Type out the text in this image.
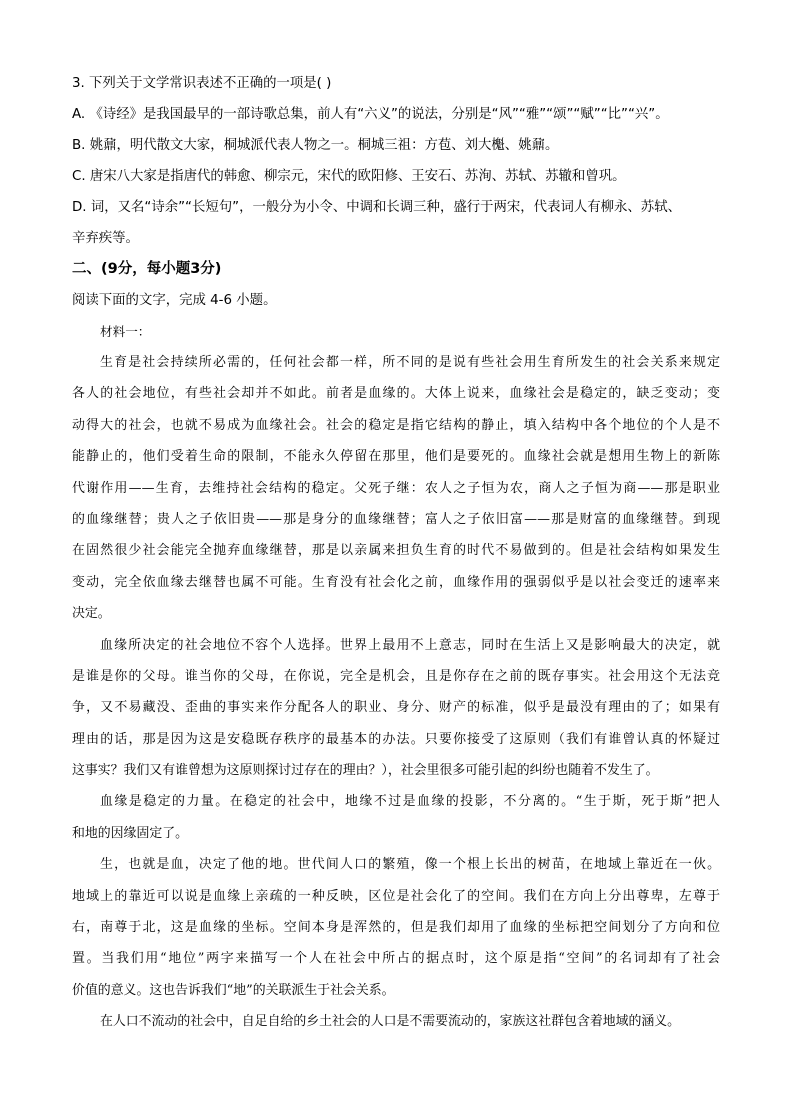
3. 下列关于文学常识表述不正确的一项是( )
A. 《诗经》是我国最早的一部诗歌总集，前人有“六义”的说法，分别是“风”“雅”“颂”“赋”“比”“兴”。
B. 姚鼐，明代散文大家，桐城派代表人物之一。桐城三祖：方苞、刘大櫆、姚鼐。
C. 唐宋八大家是指唐代的韩愈、柳宗元，宋代的欧阳修、王安石、苏洵、苏轼、苏辙和曾巩。
D. 词，又名“诗余”“长短句”，一般分为小令、中调和长调三种，盛行于两宋，代表词人有柳永、苏轼、
辛弃疾等。
二、(9分，每小题3分)
阅读下面的文字，完成 4-6 小题。
材料一：
生育是社会持续所必需的，任何社会都一样，所不同的是说有些社会用生育所发生的社会关系来规定
各人的社会地位，有些社会却并不如此。前者是血缘的。大体上说来，血缘社会是稳定的，缺乏变动；变
动得大的社会，也就不易成为血缘社会。社会的稳定是指它结构的静止，填入结构中各个地位的个人是不
能静止的，他们受着生命的限制，不能永久停留在那里，他们是要死的。血缘社会就是想用生物上的新陈
代谢作用——生育，去维持社会结构的稳定。父死子继：农人之子恒为农，商人之子恒为商——那是职业
的血缘继替；贵人之子依旧贵——那是身分的血缘继替；富人之子依旧富——那是财富的血缘继替。到现
在固然很少社会能完全抛弃血缘继替，那是以亲属来担负生育的时代不易做到的。但是社会结构如果发生
变动，完全依血缘去继替也属不可能。生育没有社会化之前，血缘作用的强弱似乎是以社会变迁的速率来
决定。
血缘所决定的社会地位不容个人选择。世界上最用不上意志，同时在生活上又是影响最大的决定，就
是谁是你的父母。谁当你的父母，在你说，完全是机会，且是你存在之前的既存事实。社会用这个无法竞
争，又不易藏没、歪曲的事实来作分配各人的职业、身分、财产的标准，似乎是最没有理由的了；如果有
理由的话，那是因为这是安稳既存秩序的最基本的办法。只要你接受了这原则（我们有谁曾认真的怀疑过
这事实？我们又有谁曾想为这原则探讨过存在的理由？），社会里很多可能引起的纠纷也随着不发生了。
血缘是稳定的力量。在稳定的社会中，地缘不过是血缘的投影，不分离的。“生于斯，死于斯”把人
和地的因缘固定了。
生，也就是血，决定了他的地。世代间人口的繁殖，像一个根上长出的树苗，在地域上靠近在一伙。
地域上的靠近可以说是血缘上亲疏的一种反映，区位是社会化了的空间。我们在方向上分出尊卑，左尊于
右，南尊于北，这是血缘的坐标。空间本身是浑然的，但是我们却用了血缘的坐标把空间划分了方向和位
置。当我们用“地位”两字来描写一个人在社会中所占的据点时，这个原是指“空间”的名词却有了社会
价值的意义。这也告诉我们“地”的关联派生于社会关系。
在人口不流动的社会中，自足自给的乡土社会的人口是不需要流动的，家族这社群包含着地域的涵义。
